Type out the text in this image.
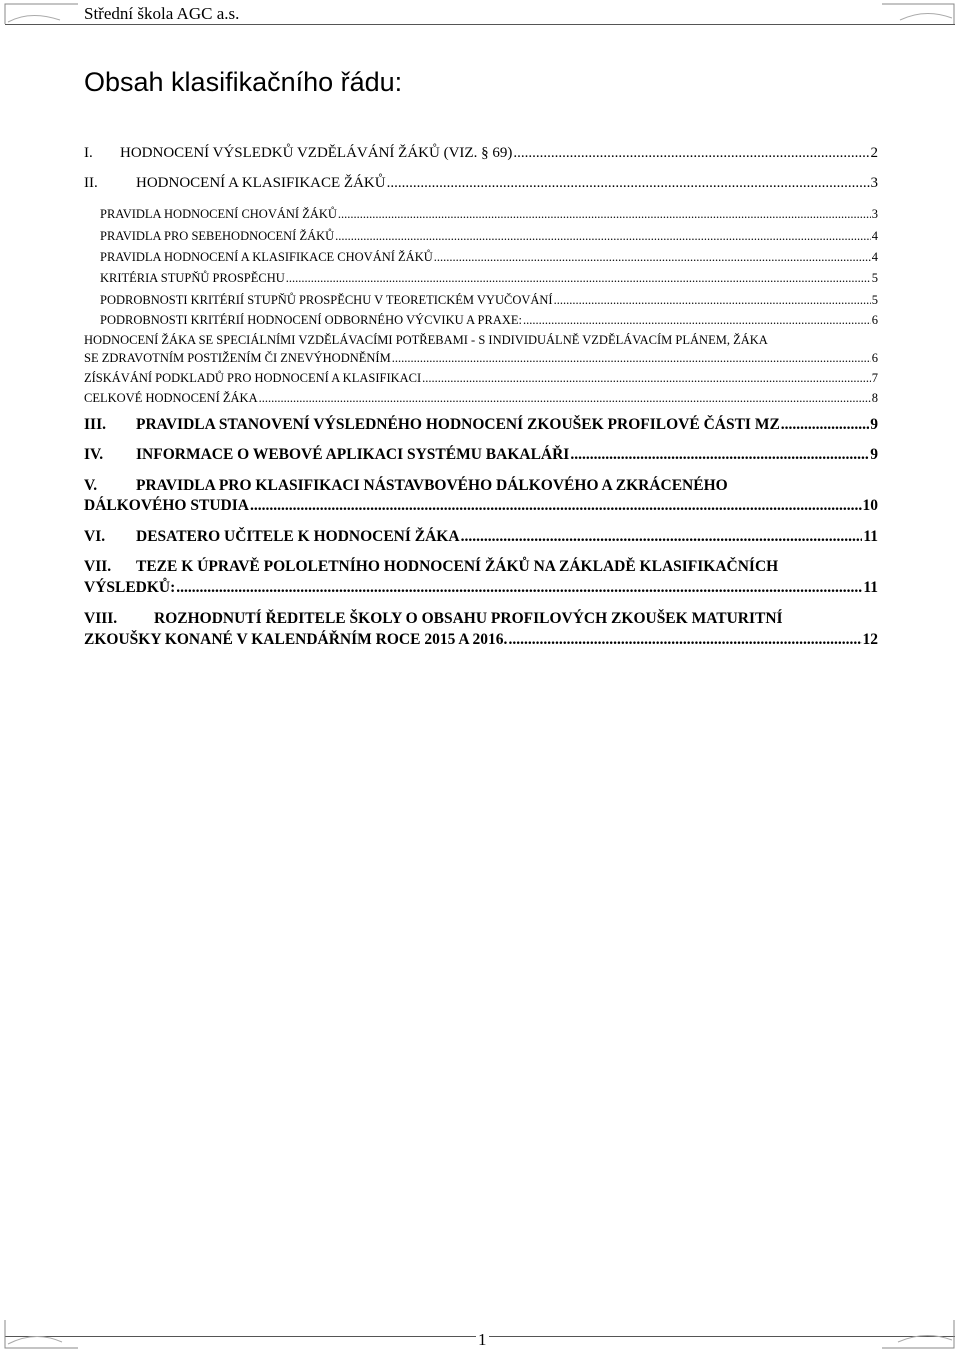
Střední škola AGC a.s.
Obsah klasifikačního řádu:
I.	HODNOCENÍ VÝSLEDKŮ VZDĚLÁVÁNÍ ŽÁKŮ (VIZ. § 69) .....	2
II.	HODNOCENÍ A KLASIFIKACE ŽÁKŮ .....	3
PRAVIDLA HODNOCENÍ CHOVÁNÍ ŽÁKŮ .....	3
PRAVIDLA PRO SEBEHODNOCENÍ ŽÁKŮ .....	4
PRAVIDLA HODNOCENÍ A KLASIFIKACE CHOVÁNÍ ŽÁKŮ .....	4
KRITÉRIA STUPŇŮ PROSPĚCHU .....	5
PODROBNOSTI KRITÉRIÍ STUPŇŮ PROSPĚCHU V TEORETICKÉM VYUČOVÁNÍ .....	5
PODROBNOSTI KRITÉRIÍ HODNOCENÍ ODBORNÉHO VÝCVIKU A PRAXE: .....	6
HODNOCENÍ ŽÁKA SE SPECIÁLNÍMI VZDĚLÁVACÍMI POTŘEBAMI - S INDIVIDUÁLNĚ VZDĚLÁVACÍM PLÁNEM, ŽÁKA
SE ZDRAVOTNÍM POSTIŽENÍM ČI ZNEVÝHODNĚNÍM .....	6
ZÍSKÁVÁNÍ PODKLADŮ PRO HODNOCENÍ A KLASIFIKACI .....	7
CELKOVÉ HODNOCENÍ ŽÁKA .....	8
III.	PRAVIDLA STANOVENÍ VÝSLEDNÉHO HODNOCENÍ ZKOUŠEK PROFILOVÉ ČÁSTI MZ .....	9
IV.	INFORMACE O WEBOVÉ APLIKACI SYSTÉMU BAKALÁŘI .....	9
V.	PRAVIDLA PRO KLASIFIKACI NÁSTAVBOVÉHO DÁLKOVÉHO A ZKRÁCENÉHO
DÁLKOVÉHO STUDIA .....	10
VI.	DESATERO UČITELE K HODNOCENÍ ŽÁKA .....	11
VII.	TEZE K ÚPRAVĚ POLOLETNÍHO HODNOCENÍ ŽÁKŮ NA ZÁKLADĚ KLASIFIKAČNÍCH
VÝSLEDKŮ: .....	11
VIII.	ROZHODNUTÍ ŘEDITELE ŠKOLY O OBSAHU PROFILOVÝCH ZKOUŠEK MATURITNÍ
ZKOUŠKY KONANÉ V KALENDÁŘNÍM ROCE 2015 A 2016. .....	12
1
